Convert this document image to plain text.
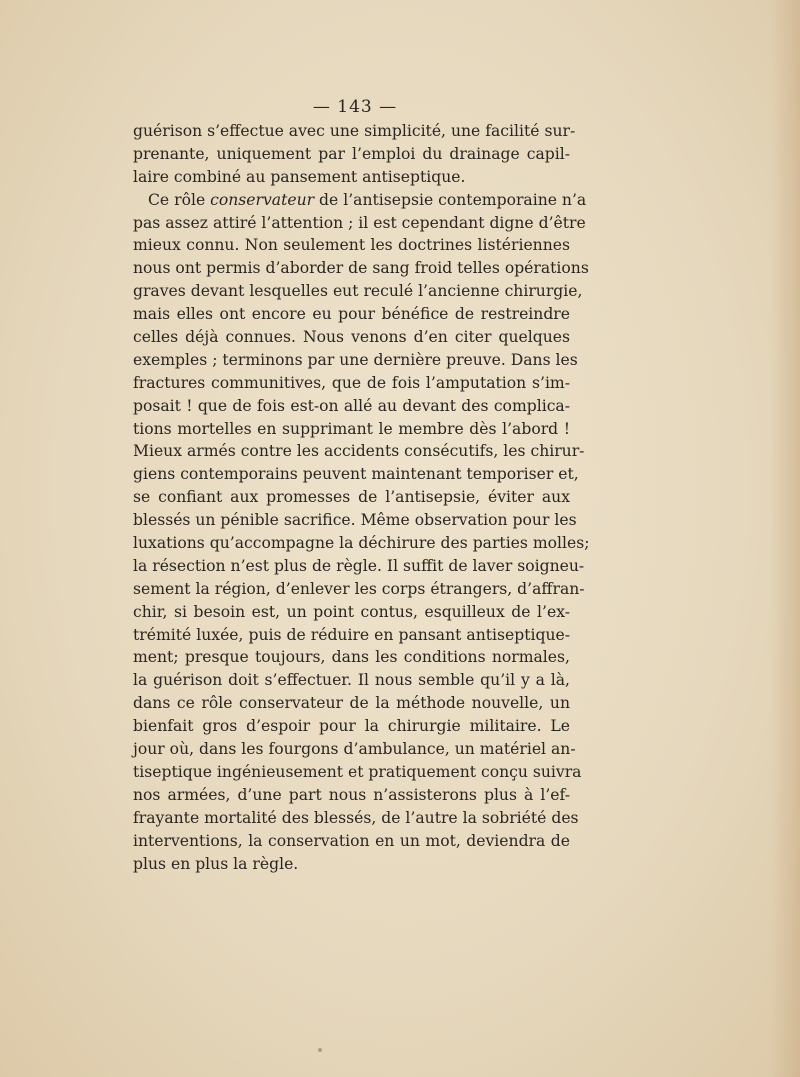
— 143 —
guérison s’effectue avec une simplicité, une facilité sur-
prenante, uniquement par l’emploi du drainage capil-
laire combiné au pansement antiseptique.
Ce rôle conservateur de l’antisepsie contemporaine n’a
pas assez attiré l’attention ; il est cependant digne d’être
mieux connu. Non seulement les doctrines listériennes
nous ont permis d’aborder de sang froid telles opérations
graves devant lesquelles eut reculé l’ancienne chirurgie,
mais elles ont encore eu pour bénéfice de restreindre
celles déjà connues. Nous venons d’en citer quelques
exemples ; terminons par une dernière preuve. Dans les
fractures communitives, que de fois l’amputation s’im-
posait ! que de fois est-on allé au devant des complica-
tions mortelles en supprimant le membre dès l’abord !
Mieux armés contre les accidents consécutifs, les chirur-
giens contemporains peuvent maintenant temporiser et,
se confiant aux promesses de l’antisepsie, éviter aux
blessés un pénible sacrifice. Même observation pour les
luxations qu’accompagne la déchirure des parties molles;
la résection n’est plus de règle. Il suffit de laver soigneu-
sement la région, d’enlever les corps étrangers, d’affran-
chir, si besoin est, un point contus, esquilleux de l’ex-
trémité luxée, puis de réduire en pansant antiseptique-
ment; presque toujours, dans les conditions normales,
la guérison doit s’effectuer. Il nous semble qu’il y a là,
dans ce rôle conservateur de la méthode nouvelle, un
bienfait gros d’espoir pour la chirurgie militaire. Le
jour où, dans les fourgons d’ambulance, un matériel an-
tiseptique ingénieusement et pratiquement conçu suivra
nos armées, d’une part nous n’assisterons plus à l’ef-
frayante mortalité des blessés, de l’autre la sobriété des
interventions, la conservation en un mot, deviendra de
plus en plus la règle.
